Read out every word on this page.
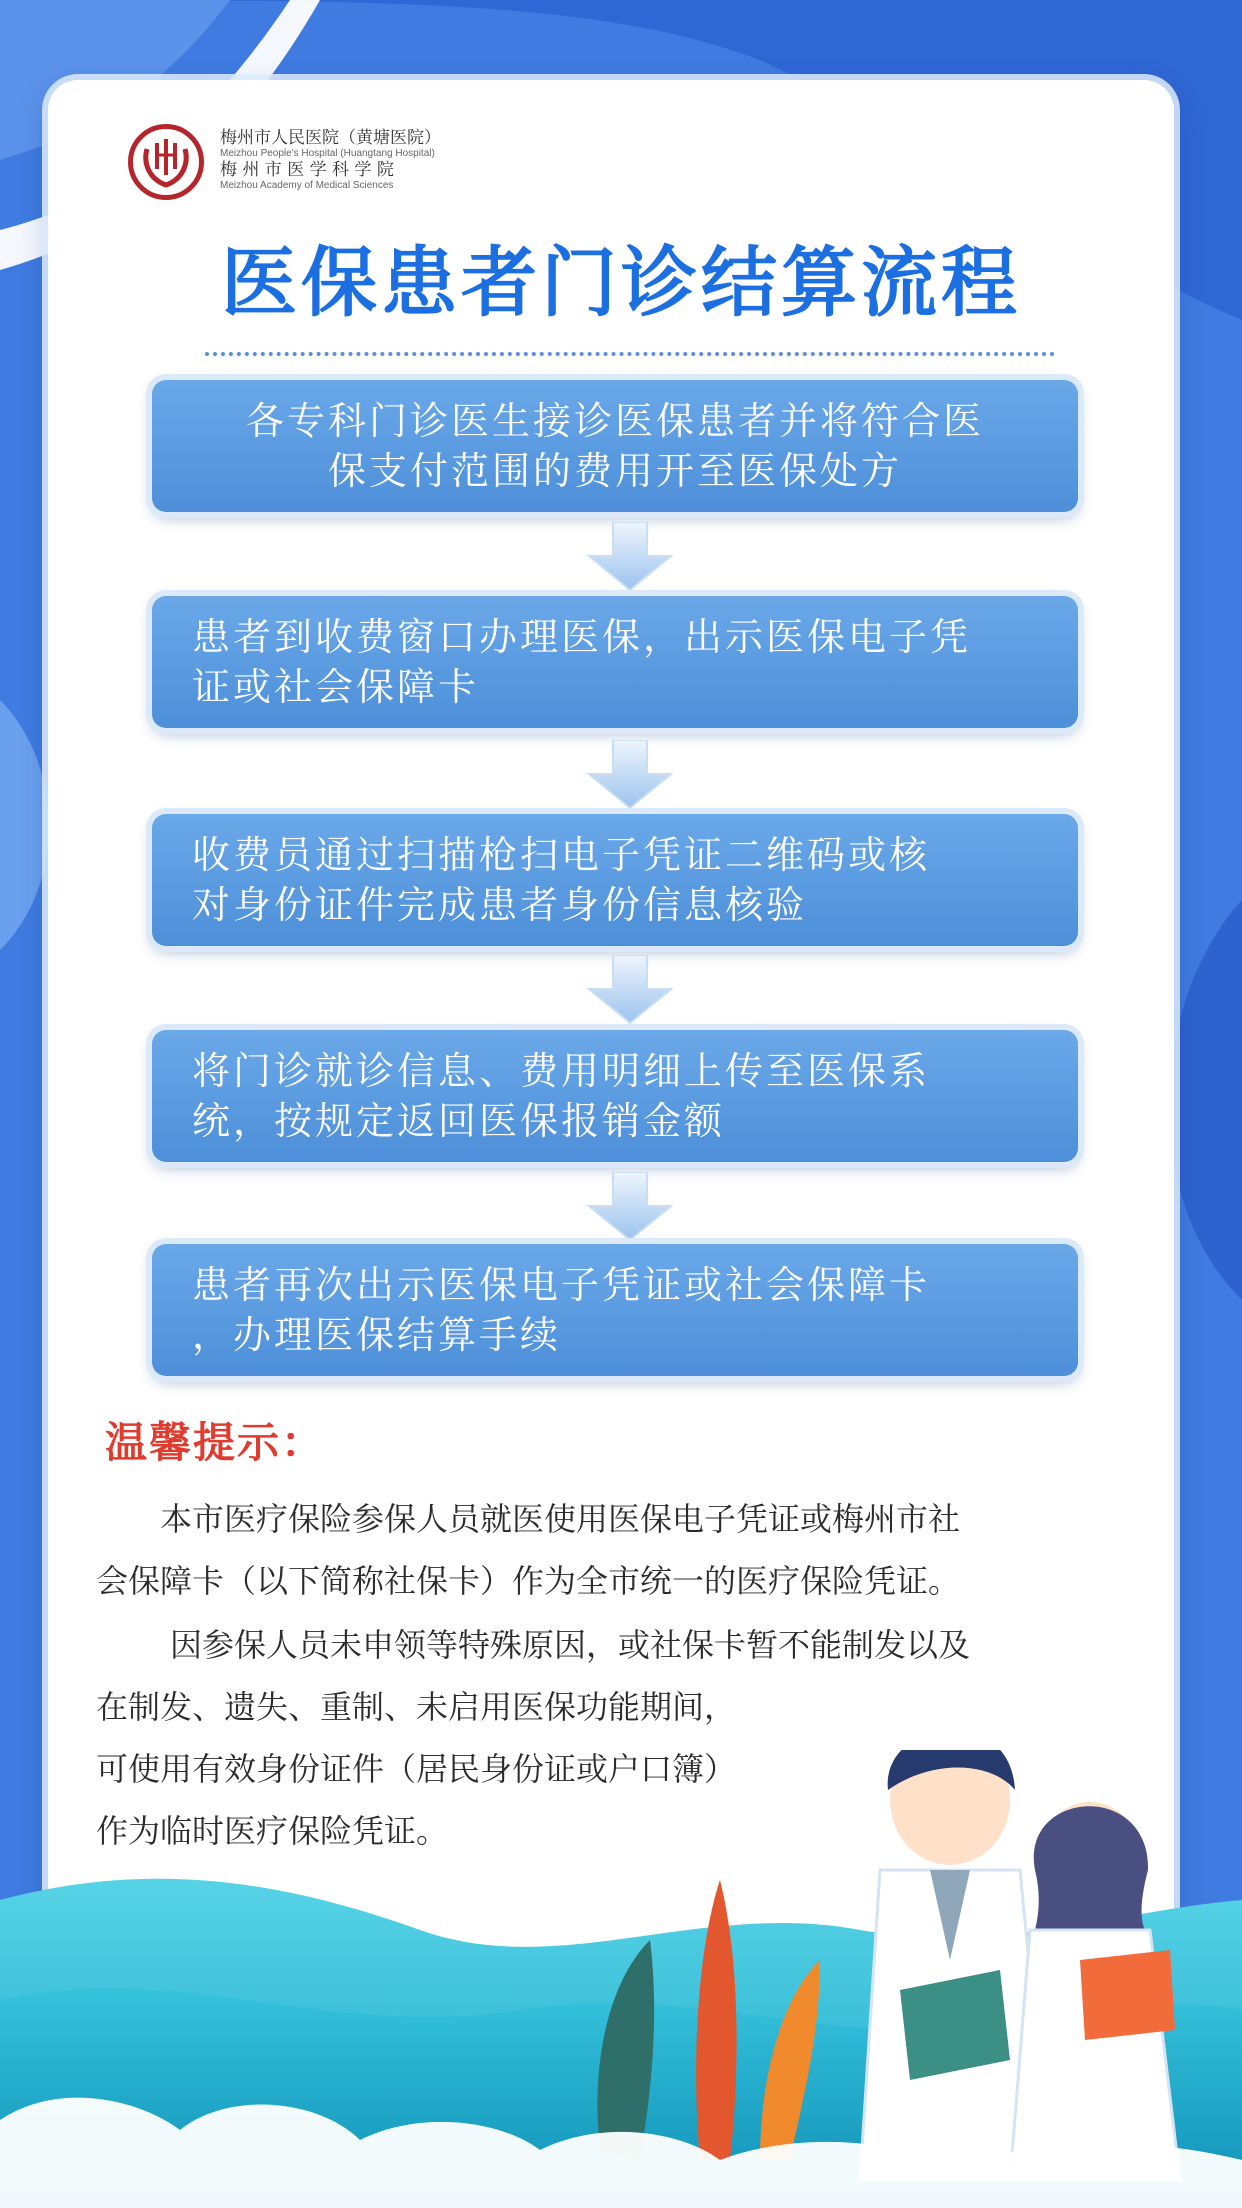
梅州市人民医院（黄塘医院）
Meizhou People's Hospital (Huangtang Hospital)
梅 州 市 医 学 科 学 院
Meizhou Academy of Medical Sciences
医保患者门诊结算流程
各专科门诊医生接诊医保患者并将符合医
保支付范围的费用开至医保处方
患者到收费窗口办理医保，出示医保电子凭
证或社会保障卡
收费员通过扫描枪扫电子凭证二维码或核
对身份证件完成患者身份信息核验
将门诊就诊信息、费用明细上传至医保系
统，按规定返回医保报销金额
患者再次出示医保电子凭证或社会保障卡
，办理医保结算手续
温馨提示：
本市医疗保险参保人员就医使用医保电子凭证或梅州市社
会保障卡（以下简称社保卡）作为全市统一的医疗保险凭证。
因参保人员未申领等特殊原因，或社保卡暂不能制发以及
在制发、遗失、重制、未启用医保功能期间，
可使用有效身份证件（居民身份证或户口簿）
作为临时医疗保险凭证。
